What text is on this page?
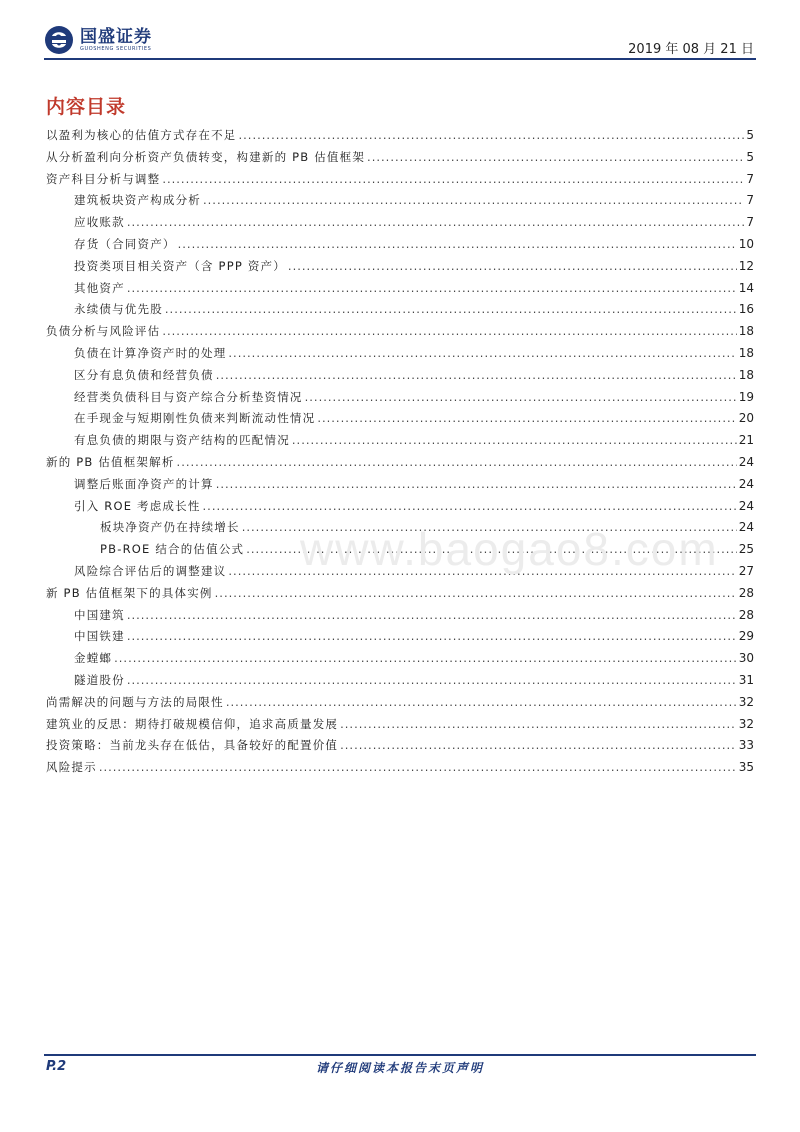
国盛证券
GUOSHENG SECURITIES	2019 年 08 月 21 日
内容目录
以盈利为核心的估值方式存在不足 .....	5
从分析盈利向分析资产负债转变，构建新的 PB 估值框架 .....	5
资产科目分析与调整 .....	7
建筑板块资产构成分析 .....	7
应收账款 .....	7
存货（合同资产） .....	10
投资类项目相关资产（含 PPP 资产） .....	12
其他资产 .....	14
永续债与优先股 .....	16
负债分析与风险评估 .....	18
负债在计算净资产时的处理 .....	18
区分有息负债和经营负债 .....	18
经营类负债科目与资产综合分析垫资情况 .....	19
在手现金与短期刚性负债来判断流动性情况 .....	20
有息负债的期限与资产结构的匹配情况 .....	21
新的 PB 估值框架解析 .....	24
调整后账面净资产的计算 .....	24
引入 ROE 考虑成长性 .....	24
板块净资产仍在持续增长 .....	24
PB-ROE 结合的估值公式 .....	25
风险综合评估后的调整建议 .....	27
新 PB 估值框架下的具体实例 .....	28
中国建筑 .....	28
中国铁建 .....	29
金螳螂 .....	30
隧道股份 .....	31
尚需解决的问题与方法的局限性 .....	32
建筑业的反思：期待打破规模信仰，追求高质量发展 .....	32
投资策略：当前龙头存在低估，具备较好的配置价值 .....	33
风险提示 .....	35
www.baogao8.com
P.2	请仔细阅读本报告末页声明
